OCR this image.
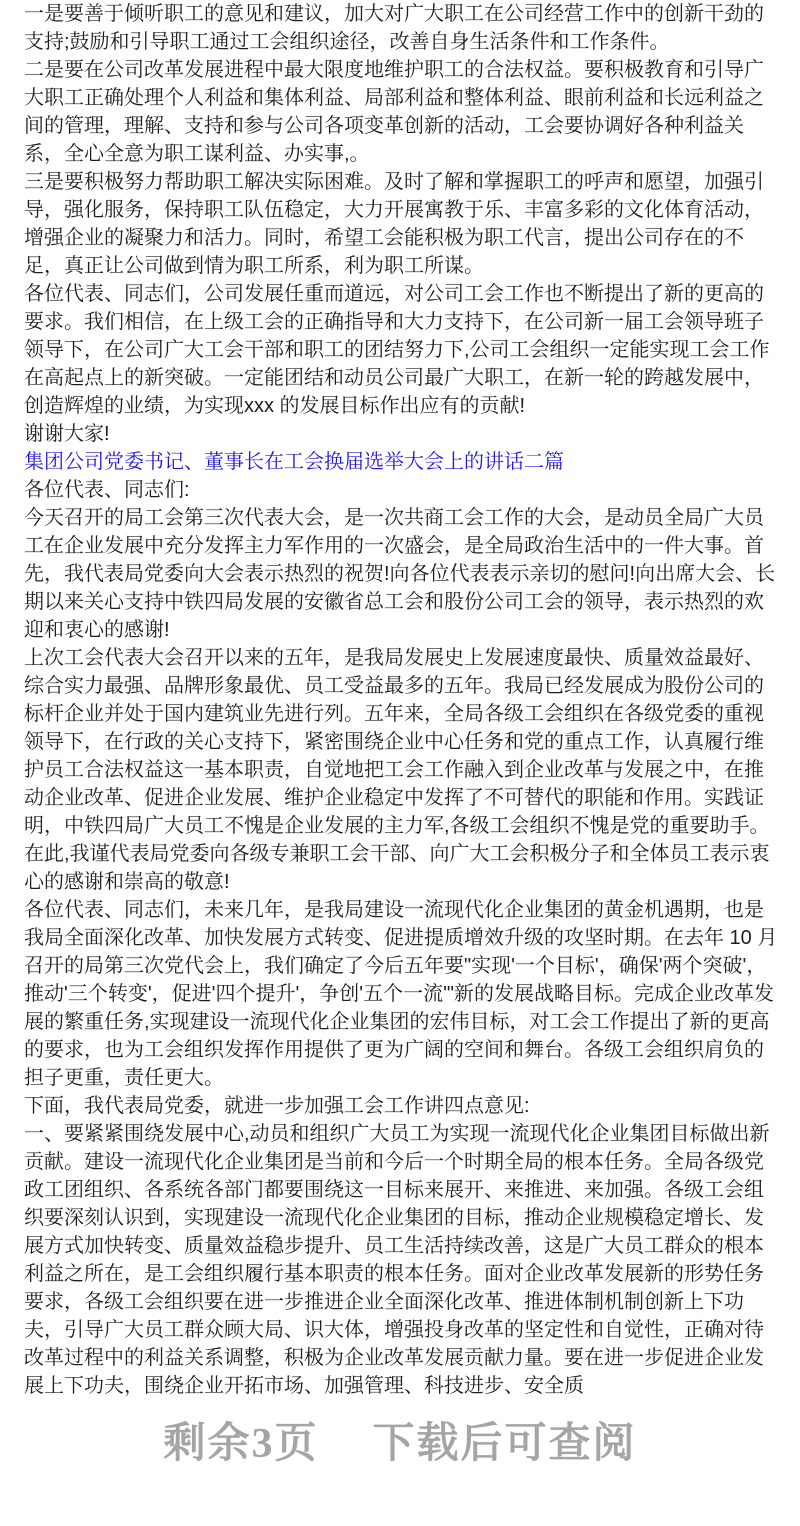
一是要善于倾听职工的意见和建议，加大对广大职工在公司经营工作中的创新干劲的

支持;鼓励和引导职工通过工会组织途径，改善自身生活条件和工作条件。

二是要在公司改革发展进程中最大限度地维护职工的合法权益。要积极教育和引导广大职工正确处理个人利益和集体利益、局部利益和整体利益、眼前利益和长远利益之间的管理，理解、支持和参与公司各项变革创新的活动，工会要协调好各种利益关系，全心全意为职工谋利益、办实事,。

三是要积极努力帮助职工解决实际困难。及时了解和掌握职工的呼声和愿望，加强引导，强化服务，保持职工队伍稳定，大力开展寓教于乐、丰富多彩的文化体育活动，增强企业的凝聚力和活力。同时，希望工会能积极为职工代言，提出公司存在的不足，真正让公司做到情为职工所系，利为职工所谋。

各位代表、同志们，公司发展任重而道远，对公司工会工作也不断提出了新的更高的要求。我们相信，在上级工会的正确指导和大力支持下，在公司新一届工会领导班子领导下，在公司广大工会干部和职工的团结努力下,公司工会组织一定能实现工会工作在高起点上的新突破。一定能团结和动员公司最广大职工，在新一轮的跨越发展中，创造辉煌的业绩，为实现xxx 的发展目标作出应有的贡献!

谢谢大家!

集团公司党委书记、董事长在工会换届选举大会上的讲话二篇

各位代表、同志们:

今天召开的局工会第三次代表大会，是一次共商工会工作的大会，是动员全局广大员工在企业发展中充分发挥主力军作用的一次盛会，是全局政治生活中的一件大事。首先，我代表局党委向大会表示热烈的祝贺!向各位代表表示亲切的慰问!向出席大会、长期以来关心支持中铁四局发展的安徽省总工会和股份公司工会的领导，表示热烈的欢迎和衷心的感谢!

上次工会代表大会召开以来的五年，是我局发展史上发展速度最快、质量效益最好、综合实力最强、品牌形象最优、员工受益最多的五年。我局已经发展成为股份公司的标杆企业并处于国内建筑业先进行列。五年来，全局各级工会组织在各级党委的重视领导下，在行政的关心支持下，紧密围绕企业中心任务和党的重点工作，认真履行维护员工合法权益这一基本职责，自觉地把工会工作融入到企业改革与发展之中，在推动企业改革、促进企业发展、维护企业稳定中发挥了不可替代的职能和作用。实践证明，中铁四局广大员工不愧是企业发展的主力军,各级工会组织不愧是党的重要助手。在此,我谨代表局党委向各级专兼职工会干部、向广大工会积极分子和全体员工表示衷心的感谢和崇高的敬意!

各位代表、同志们，未来几年，是我局建设一流现代化企业集团的黄金机遇期，也是我局全面深化改革、加快发展方式转变、促进提质增效升级的攻坚时期。在去年 10 月召开的局第三次党代会上，我们确定了今后五年要"实现'一个目标'，确保'两个突破'，推动'三个转变'，促进'四个提升'，争创'五个一流'"新的发展战略目标。完成企业改革发展的繁重任务,实现建设一流现代化企业集团的宏伟目标，对工会工作提出了新的更高的要求，也为工会组织发挥作用提供了更为广阔的空间和舞台。各级工会组织肩负的担子更重，责任更大。

下面，我代表局党委，就进一步加强工会工作讲四点意见:

一、要紧紧围绕发展中心,动员和组织广大员工为实现一流现代化企业集团目标做出新贡献。建设一流现代化企业集团是当前和今后一个时期全局的根本任务。全局各级党政工团组织、各系统各部门都要围绕这一目标来展开、来推进、来加强。各级工会组织要深刻认识到，实现建设一流现代化企业集团的目标，推动企业规模稳定增长、发展方式加快转变、质量效益稳步提升、员工生活持续改善，这是广大员工群众的根本利益之所在，是工会组织履行基本职责的根本任务。面对企业改革发展新的形势任务要求，各级工会组织要在进一步推进企业全面深化改革、推进体制机制创新上下功夫，引导广大员工群众顾大局、识大体，增强投身改革的坚定性和自觉性，正确对待改革过程中的利益关系调整，积极为企业改革发展贡献力量。要在进一步促进企业发展上下功夫，围绕企业开拓市场、加强管理、科技进步、安全质

剩余3页 下载后可查阅
